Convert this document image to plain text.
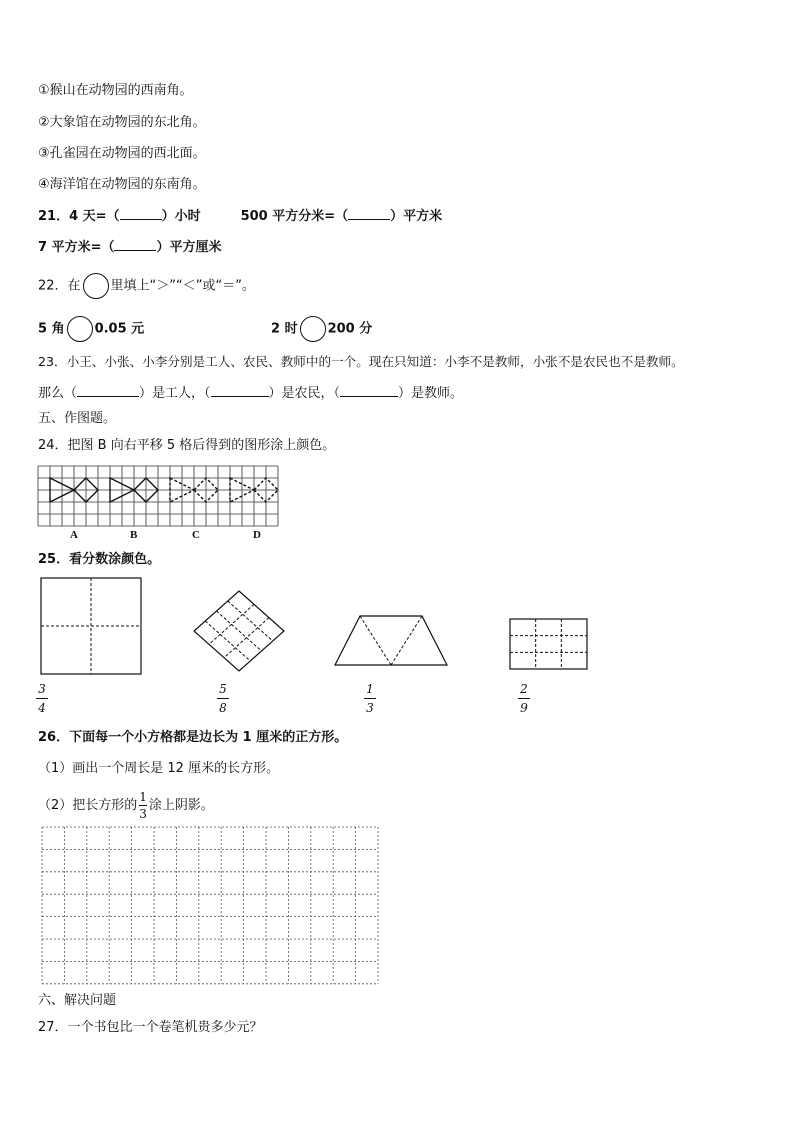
①猴山在动物园的西南角。
②大象馆在动物园的东北角。
③孔雀园在动物园的西北面。
④海洋馆在动物园的东南角。
21．4 天=（	）小时	500 平方分米=（	）平方米
7 平方米=（	）平方厘米
22．在 里填上“＞”“＜”或“＝”。
5 角 0.05 元	2 时 200 分
23．小王、小张、小李分别是工人、农民、教师中的一个。现在只知道：小李不是教师，小张不是农民也不是教师。
那么（	）是工人，（	）是农民，（	）是教师。
五、作图题。
24．把图 B 向右平移 5 格后得到的图形涂上颜色。
A	B	C	D
25．看分数涂颜色。
3
4
5
8
1
3
2
9
26．下面每一个小方格都是边长为 1 厘米的正方形。
（1）画出一个周长是 12 厘米的长方形。
（2）把长方形的 $\frac{1}{3}$ 涂上阴影。
六、解决问题
27．一个书包比一个卷笔机贵多少元？
